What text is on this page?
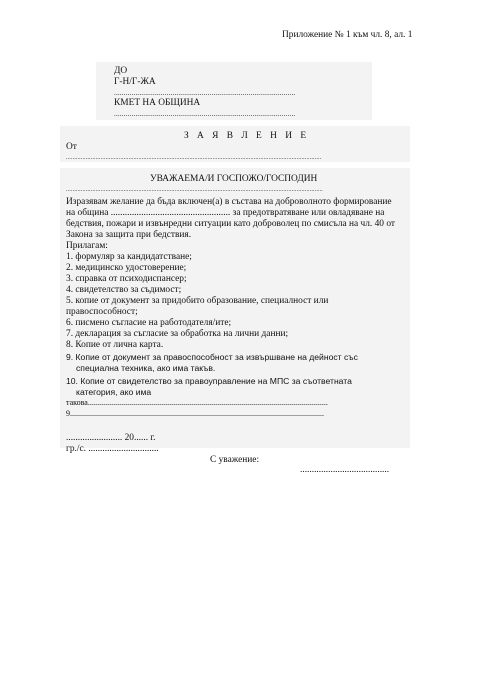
Приложение № 1 към чл. 8, ал. 1
ДО
Г-Н/Г-ЖА
.............................................................................................
КМЕТ НА ОБЩИНА
.............................................................................................
З А Я В Л Е Н И Е
От
...........................................................................................................................................................
УВАЖАЕМА/И ГОСПОЖО/ГОСПОДИН
............................................................................................................................................................
Изразявам желание да бъда включен(а) в състава на доброволното формирование
на община ................................................... за предотвратяване или овладяване на
бедствия, пожари и извънредни ситуации като доброволец по смисъла на чл. 40 от
Закона за защита при бедствия.
Прилагам:
1. формуляр за кандидатстване;
2. медицинско удостоверение;
3. справка от психодиспансер;
4. свидетелство за съдимост;
5. копие от документ за придобито образование, специалност или
правоспособност;
6. писмено съгласие на работодателя/ите;
7. декларация за съгласие за обработка на лични данни;
8. Копие от лична карта.
9. Копие от документ за правоспособност за извършване на дейност със
специална техника, ако има такъв.
10. Копие от свидетелство за правоуправление на МПС за съответната
категория, ако има
такова........................................................................................................................
9...............................................................................................................................
........................ 20...... г.
гр./с. ..............................
С уважение:
......................................
